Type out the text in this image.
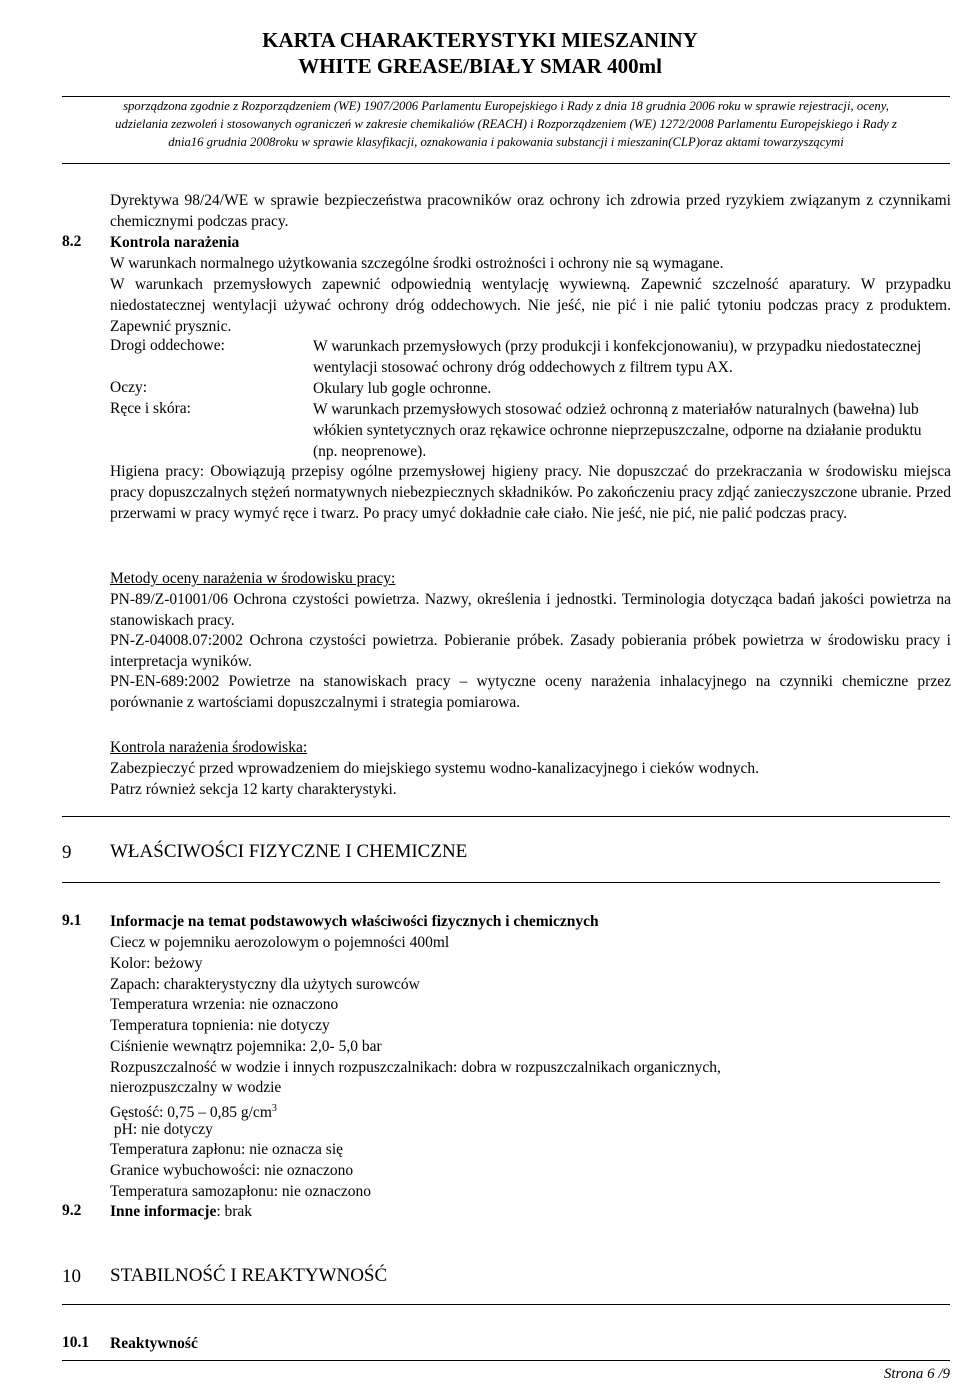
KARTA CHARAKTERYSTYKI MIESZANINY
WHITE GREASE/BIAŁY SMAR 400ml
sporządzona zgodnie z Rozporządzeniem (WE) 1907/2006 Parlamentu Europejskiego i Rady z dnia 18 grudnia 2006 roku w sprawie rejestracji, oceny,
udzielania zezwoleń i stosowanych ograniczeń w zakresie chemikaliów (REACH) i Rozporządzeniem (WE) 1272/2008 Parlamentu Europejskiego i Rady z
dnia16 grudnia 2008roku w sprawie klasyfikacji, oznakowania i pakowania substancji i mieszanin(CLP)oraz aktami towarzyszącymi
Dyrektywa 98/24/WE w sprawie bezpieczeństwa pracowników oraz ochrony ich zdrowia przed ryzykiem związanym z czynnikami chemicznymi podczas pracy.
8.2 Kontrola narażenia
W warunkach normalnego użytkowania szczególne środki ostrożności i ochrony nie są wymagane.
W warunkach przemysłowych zapewnić odpowiednią wentylację wywiewną. Zapewnić szczelność aparatury. W przypadku niedostatecznej wentylacji używać ochrony dróg oddechowych. Nie jeść, nie pić i nie palić tytoniu podczas pracy z produktem. Zapewnić prysznic.
Drogi oddechowe:	W warunkach przemysłowych (przy produkcji i konfekcjonowaniu), w przypadku niedostatecznej wentylacji stosować ochrony dróg oddechowych z filtrem typu AX.
Oczy:	Okulary lub gogle ochronne.
Ręce i skóra:	W warunkach przemysłowych stosować odzież ochronną z materiałów naturalnych (bawełna) lub włókien syntetycznych oraz rękawice ochronne nieprzepuszczalne, odporne na działanie produktu (np. neoprenowe).
Higiena pracy: Obowiązują przepisy ogólne przemysłowej higieny pracy. Nie dopuszczać do przekraczania w środowisku miejsca pracy dopuszczalnych stężeń normatywnych niebezpiecznych składników. Po zakończeniu pracy zdjąć zanieczyszczone ubranie. Przed przerwami w pracy wymyć ręce i twarz. Po pracy umyć dokładnie całe ciało. Nie jeść, nie pić, nie palić podczas pracy.
Metody oceny narażenia w środowisku pracy:
PN-89/Z-01001/06 Ochrona czystości powietrza. Nazwy, określenia i jednostki. Terminologia dotycząca badań jakości powietrza na stanowiskach pracy.
PN-Z-04008.07:2002 Ochrona czystości powietrza. Pobieranie próbek. Zasady pobierania próbek powietrza w środowisku pracy i interpretacja wyników.
PN-EN-689:2002 Powietrze na stanowiskach pracy – wytyczne oceny narażenia inhalacyjnego na czynniki chemiczne przez porównanie z wartościami dopuszczalnymi i strategia pomiarowa.
Kontrola narażenia środowiska:
Zabezpieczyć przed wprowadzeniem do miejskiego systemu wodno-kanalizacyjnego i cieków wodnych.
Patrz również sekcja 12 karty charakterystyki.
9 WŁAŚCIWOŚCI FIZYCZNE I CHEMICZNE
9.1 Informacje na temat podstawowych właściwości fizycznych i chemicznych
Ciecz w pojemniku aerozolowym o pojemności 400ml
Kolor: beżowy
Zapach: charakterystyczny dla użytych surowców
Temperatura wrzenia: nie oznaczono
Temperatura topnienia: nie dotyczy
Ciśnienie wewnątrz pojemnika: 2,0- 5,0 bar
Rozpuszczalność w wodzie i innych rozpuszczalnikach: dobra w rozpuszczalnikach organicznych,
nierozpuszczalny w wodzie
Gęstość: 0,75 – 0,85 $g/cm^3$
pH: nie dotyczy
Temperatura zapłonu: nie oznacza się
Granice wybuchowości: nie oznaczono
Temperatura samozapłonu: nie oznaczono
9.2 Inne informacje: brak
10 STABILNOŚĆ I REAKTYWNOŚĆ
10.1 Reaktywność
Strona 6 /9
